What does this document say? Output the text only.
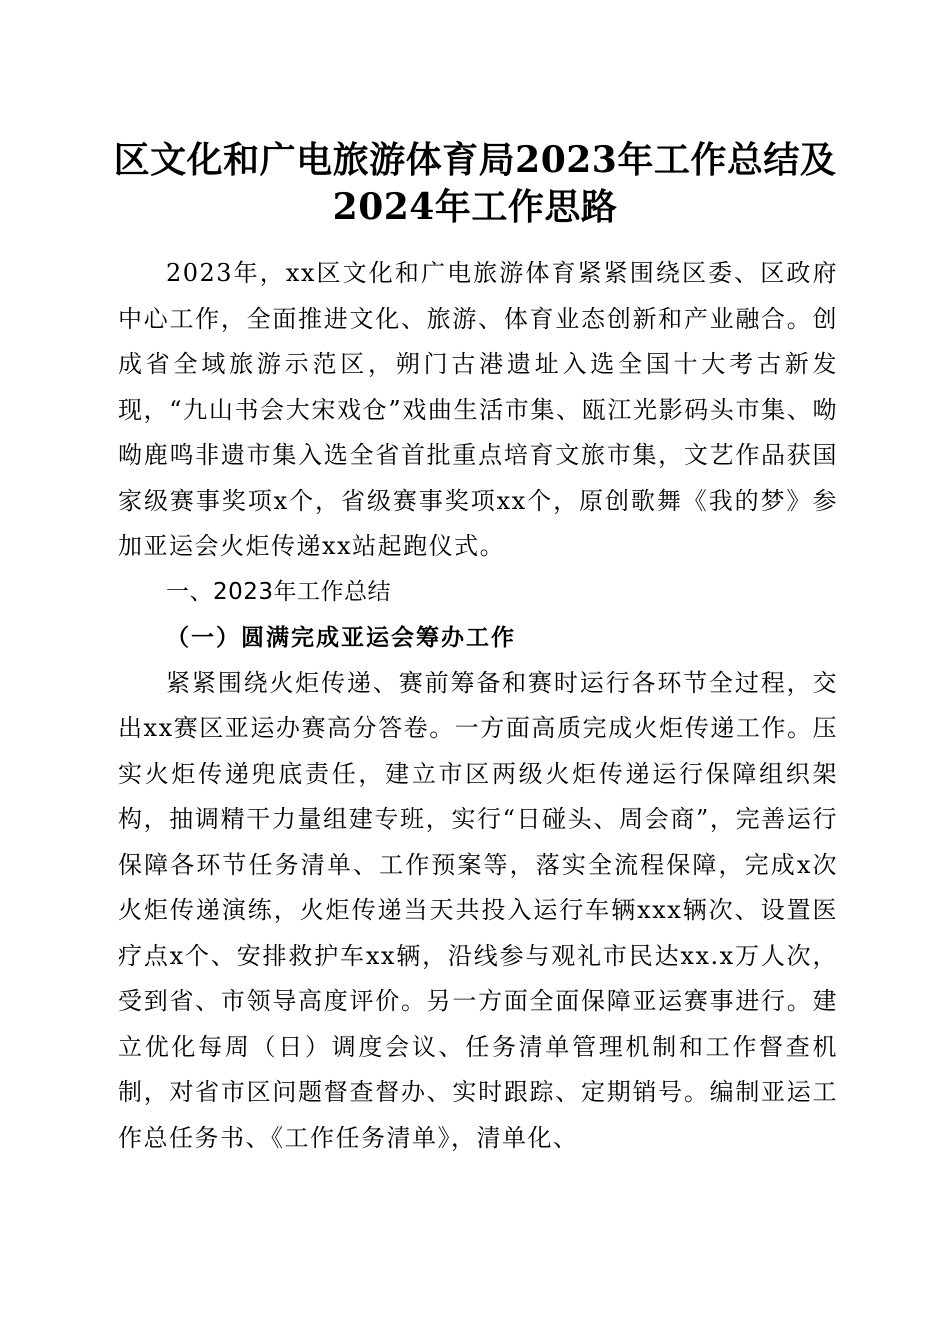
区文化和广电旅游体育局2023年工作总结及
2024年工作思路

2023年，xx区文化和广电旅游体育紧紧围绕区委、区政府中心工作，全面推进文化、旅游、体育业态创新和产业融合。创成省全域旅游示范区，朔门古港遗址入选全国十大考古新发现，“九山书会大宋戏仓”戏曲生活市集、瓯江光影码头市集、呦呦鹿鸣非遗市集入选全省首批重点培育文旅市集，文艺作品获国家级赛事奖项x个，省级赛事奖项xx个，原创歌舞《我的梦》参加亚运会火炬传递xx站起跑仪式。

一、2023年工作总结

（一）圆满完成亚运会筹办工作

紧紧围绕火炬传递、赛前筹备和赛时运行各环节全过程，交出xx赛区亚运办赛高分答卷。一方面高质完成火炬传递工作。压实火炬传递兜底责任，建立市区两级火炬传递运行保障组织架构，抽调精干力量组建专班，实行“日碰头、周会商”，完善运行保障各环节任务清单、工作预案等，落实全流程保障，完成x次火炬传递演练，火炬传递当天共投入运行车辆xxx辆次、设置医疗点x个、安排救护车xx辆，沿线参与观礼市民达xx.x万人次，受到省、市领导高度评价。另一方面全面保障亚运赛事进行。建立优化每周（日）调度会议、任务清单管理机制和工作督查机制，对省市区问题督查督办、实时跟踪、定期销号。编制亚运工作总任务书、《工作任务清单》，清单化、
